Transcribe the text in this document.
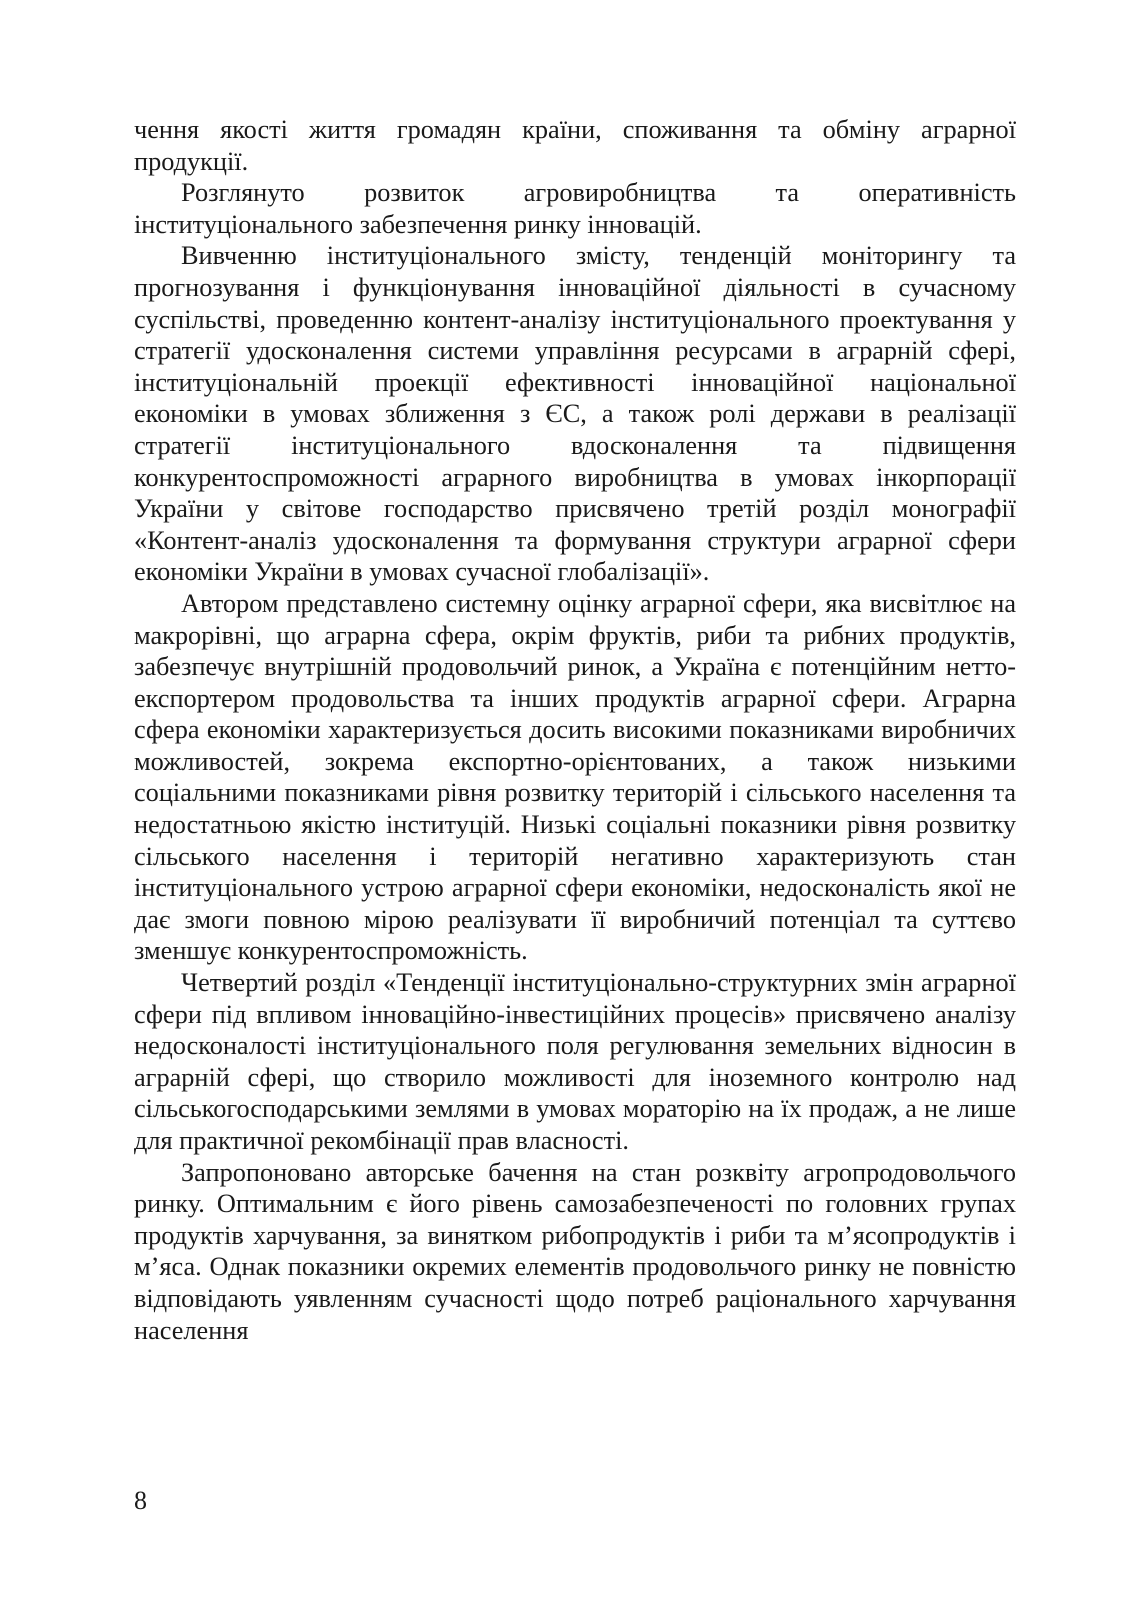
чення якості життя громадян країни, споживання та обміну аграрної продукції.

Розглянуто розвиток агровиробництва та оперативність інституціонального забезпечення ринку інновацій.

Вивченню інституціонального змісту, тенденцій моніторингу та прогнозування і функціонування інноваційної діяльності в сучасному суспільстві, проведенню контент-аналізу інституціонального проектування у стратегії удосконалення системи управління ресурсами в аграрній сфері, інституціональній проекції ефективності інноваційної національної економіки в умовах зближення з ЄС, а також ролі держави в реалізації стратегії інституціонального вдосконалення та підвищення конкурентоспроможності аграрного виробництва в умовах інкорпорації України у світове господарство присвячено третій розділ монографії «Контент-аналіз удосконалення та формування структури аграрної сфери економіки України в умовах сучасної глобалізації».

Автором представлено системну оцінку аграрної сфери, яка висвітлює на макрорівні, що аграрна сфера, окрім фруктів, риби та рибних продуктів, забезпечує внутрішній продовольчий ринок, а Україна є потенційним нетто-експортером продовольства та інших продуктів аграрної сфери. Аграрна сфера економіки характеризується досить високими показниками виробничих можливостей, зокрема експортно-орієнтованих, а також низькими соціальними показниками рівня розвитку територій і сільського населення та недостатньою якістю інституцій. Низькі соціальні показники рівня розвитку сільського населення і територій негативно характеризують стан інституціонального устрою аграрної сфери економіки, недосконалість якої не дає змоги повною мірою реалізувати її виробничий потенціал та суттєво зменшує конкурентоспроможність.

Четвертий розділ «Тенденції інституціонально-структурних змін аграрної сфери під впливом інноваційно-інвестиційних процесів» присвячено аналізу недосконалості інституціонального поля регулювання земельних відносин в аграрній сфері, що створило можливості для іноземного контролю над сільськогосподарськими землями в умовах мораторію на їх продаж, а не лише для практичної рекомбінації прав власності.

Запропоновано авторське бачення на стан розквіту агропродовольчого ринку. Оптимальним є його рівень самозабезпеченості по головних групах продуктів харчування, за винятком рибопродуктів і риби та м’ясопродуктів і м’яса. Однак показники окремих елементів продовольчого ринку не повністю відповідають уявленням сучасності щодо потреб раціонального харчування населення

8
